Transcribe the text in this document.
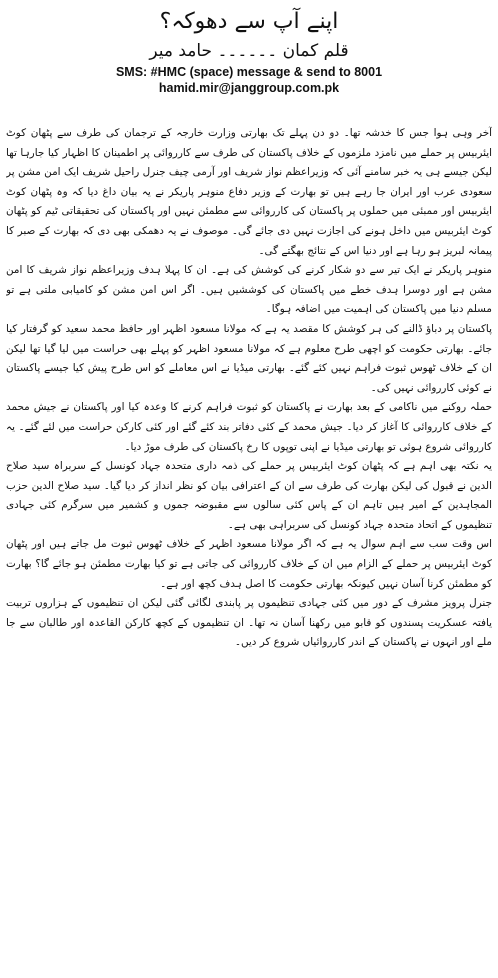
اپنے آپ سے دھوکہ؟
قلم کمان ۔۔۔۔۔۔ حامد میر
SMS: #HMC (space) message & send to 8001
hamid.mir@janggroup.com.pk

آخر وہی ہوا جس کا خدشہ تھا۔ دو دن پہلے تک بھارتی وزارت خارجہ کے ترجمان کی طرف سے پٹھان کوٹ ایئربیس پر حملے میں نامزد ملزموں کے خلاف پاکستان کی طرف سے کارروائی پر اطمینان کا اظہار کیا جارہا تھا لیکن جیسے ہی یہ خبر سامنے آئی کہ وزیراعظم نواز شریف اور آرمی چیف جنرل راحیل شریف ایک امن مشن پر سعودی عرب اور ایران جا رہے ہیں تو بھارت کے وزیر دفاع منوہر پاریکر نے یہ بیان داغ دیا کہ وہ پٹھان کوٹ ایئربیس اور ممبئی میں حملوں پر پاکستان کی کارروائی سے مطمئن نہیں اور پاکستان کی تحقیقاتی ٹیم کو پٹھان کوٹ ایئربیس میں داخل ہونے کی اجازت نہیں دی جائے گی۔ موصوف نے یہ دھمکی بھی دی کہ بھارت کے صبر کا پیمانہ لبریز ہو رہا ہے اور دنیا اس کے نتائج بھگتے گی۔

منوہر پاریکر نے ایک تیر سے دو شکار کرنے کی کوشش کی ہے۔ ان کا پہلا ہدف وزیراعظم نواز شریف کا امن مشن ہے اور دوسرا ہدف خطے میں پاکستان کی کوششیں ہیں۔ اگر اس امن مشن کو کامیابی ملتی ہے تو مسلم دنیا میں پاکستان کی اہمیت میں اضافہ ہوگا۔

پاکستان پر دباؤ ڈالنے کی ہر کوشش کا مقصد یہ ہے کہ مولانا مسعود اظہر اور حافظ محمد سعید کو گرفتار کیا جائے۔ بھارتی حکومت کو اچھی طرح معلوم ہے کہ مولانا مسعود اظہر کو پہلے بھی حراست میں لیا گیا تھا لیکن ان کے خلاف ٹھوس ثبوت فراہم نہیں کئے گئے۔ بھارتی میڈیا نے اس معاملے کو اس طرح پیش کیا جیسے پاکستان نے کوئی کارروائی نہیں کی۔

حملہ روکنے میں ناکامی کے بعد بھارت نے پاکستان کو ثبوت فراہم کرنے کا وعدہ کیا اور پاکستان نے جیش محمد کے خلاف کارروائی کا آغاز کر دیا۔ جیش محمد کے کئی دفاتر بند کئے گئے اور کئی کارکن حراست میں لئے گئے۔ یہ کارروائی شروع ہوئی تو بھارتی میڈیا نے اپنی توپوں کا رخ پاکستان کی طرف موڑ دیا۔

یہ نکتہ بھی اہم ہے کہ پٹھان کوٹ ایئربیس پر حملے کی ذمہ داری متحدہ جہاد کونسل کے سربراہ سید صلاح الدین نے قبول کی لیکن بھارت کی طرف سے ان کے اعترافی بیان کو نظر انداز کر دیا گیا۔ سید صلاح الدین حزب المجاہدین کے امیر ہیں تاہم ان کے پاس کئی سالوں سے مقبوضہ جموں و کشمیر میں سرگرم کئی جہادی تنظیموں کے اتحاد متحدہ جہاد کونسل کی سربراہی بھی ہے۔

اس وقت سب سے اہم سوال یہ ہے کہ اگر مولانا مسعود اظہر کے خلاف ٹھوس ثبوت مل جاتے ہیں اور پٹھان کوٹ ایئربیس پر حملے کے الزام میں ان کے خلاف کارروائی کی جاتی ہے تو کیا بھارت مطمئن ہو جائے گا؟ بھارت کو مطمئن کرنا آسان نہیں کیونکہ بھارتی حکومت کا اصل ہدف کچھ اور ہے۔

جنرل پرویز مشرف کے دور میں کئی جہادی تنظیموں پر پابندی لگائی گئی لیکن ان تنظیموں کے ہزاروں تربیت یافتہ عسکریت پسندوں کو قابو میں رکھنا آسان نہ تھا۔ ان تنظیموں کے کچھ کارکن القاعدہ اور طالبان سے جا ملے اور انہوں نے پاکستان کے اندر کارروائیاں شروع کر دیں۔
